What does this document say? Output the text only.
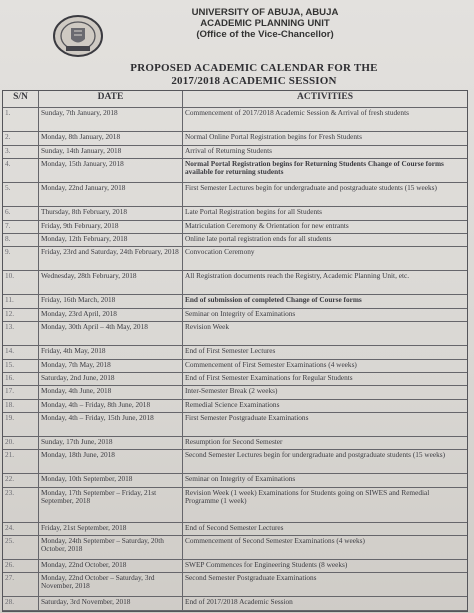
UNIVERSITY OF ABUJA, ABUJA
ACADEMIC PLANNING UNIT
(Office of the Vice-Chancellor)
PROPOSED ACADEMIC CALENDAR FOR THE
2017/2018 ACADEMIC SESSION
S/N	DATE	ACTIVITIES
1.	Sunday, 7th January, 2018	Commencement of 2017/2018 Academic Session & Arrival of fresh students
2.	Monday, 8th January, 2018	Normal Online Portal Registration begins for Fresh Students
3.	Sunday, 14th January, 2018	Arrival of Returning Students
4.	Monday, 15th January, 2018	Normal Portal Registration begins for Returning Students Change of Course forms available for returning students
5.	Monday, 22nd January, 2018	First Semester Lectures begin for undergraduate and postgraduate students (15 weeks)
6.	Thursday, 8th February, 2018	Late Portal Registration begins for all Students
7.	Friday, 9th February, 2018	Matriculation Ceremony & Orientation for new entrants
8.	Monday, 12th February, 2018	Online late portal registration ends for all students
9.	Friday, 23rd and Saturday, 24th February, 2018 Convocation Ceremony
10.	Wednesday, 28th February, 2018	All Registration documents reach the Registry, Academic Planning Unit, etc.
11.	Friday, 16th March, 2018	End of submission of completed Change of Course forms
12.	Monday, 23rd April, 2018	Seminar on Integrity of Examinations
13.	Monday, 30th April – 4th May, 2018	Revision Week
14.	Friday, 4th May, 2018	End of First Semester Lectures
15.	Monday, 7th May, 2018	Commencement of First Semester Examinations (4 weeks)
16.	Saturday, 2nd June, 2018	End of First Semester Examinations for Regular Students
17.	Monday, 4th June, 2018	Inter-Semester Break (2 weeks)
18.	Monday, 4th – Friday, 8th June, 2018	Remedial Science Examinations
19.	Monday, 4th – Friday, 15th June, 2018	First Semester Postgraduate Examinations
20.	Sunday, 17th June, 2018	Resumption for Second Semester
21.	Monday, 18th June, 2018	Second Semester Lectures begin for undergraduate and postgraduate students (15 weeks)
22.	Monday, 10th September, 2018	Seminar on Integrity of Examinations
23.	Monday, 17th September – Friday, 21st September, 2018
Revision Week (1 week) Examinations for Students going on SIWES and Remedial Programme (1 week)
24.	Friday, 21st September, 2018	End of Second Semester Lectures
25.	Monday, 24th September – Saturday, 20th October, 2018
Commencement of Second Semester Examinations (4 weeks)
26.	Monday, 22nd October, 2018	SWEP Commences for Engineering Students (8 weeks)
27.	Monday, 22nd October – Saturday, 3rd November, 2018
Second Semester Postgraduate Examinations
28.	Saturday, 3rd November, 2018	End of 2017/2018 Academic Session
